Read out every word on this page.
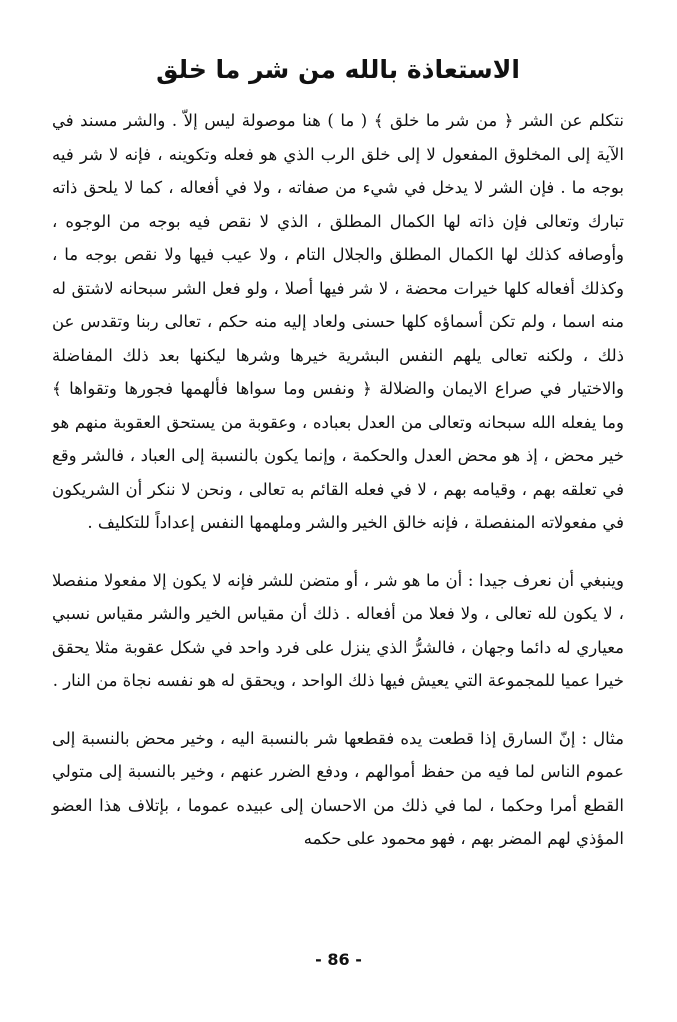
الاستعاذة بالله من شر ما خلق

نتكلم عن الشر ﴿ من شر ما خلق ﴾ ( ما ) هنا موصولة ليس إلاّ . والشر مسند في الآية إلى المخلوق المفعول لا إلى خلق الرب الذي هو فعله وتكوينه ، فإنه لا شر فيه بوجه ما . فإن الشر لا يدخل في شيء من صفاته ، ولا في أفعاله ، كما لا يلحق ذاته تبارك وتعالى فإن ذاته لها الكمال المطلق ، الذي لا نقص فيه بوجه من الوجوه ، وأوصافه كذلك لها الكمال المطلق والجلال التام ، ولا عيب فيها ولا نقص بوجه ما ، وكذلك أفعاله كلها خيرات محضة ، لا شر فيها أصلا ، ولو فعل الشر سبحانه لاشتق له منه اسما ، ولم تكن أسماؤه كلها حسنى ولعاد إليه منه حكم ، تعالى ربنا وتقدس عن ذلك ، ولكنه تعالى يلهم النفس البشرية خيرها وشرها ليكنها بعد ذلك المفاضلة والاختيار في صراع الايمان والضلالة ﴿ ونفس وما سواها فألهمها فجورها وتقواها ﴾ وما يفعله الله سبحانه وتعالى من العدل بعباده ، وعقوبة من يستحق العقوبة منهم هو خير محض ، إذ هو محض العدل والحكمة ، وإنما يكون بالنسبة إلى العباد ، فالشر وقع في تعلقه بهم ، وقيامه بهم ، لا في فعله القائم به تعالى ، ونحن لا ننكر أن الشريكون في مفعولاته المنفصلة ، فإنه خالق الخير والشر وملهمها النفس إعداداً للتكليف .

وينبغي أن نعرف جيدا : أن ما هو شر ، أو متضن للشر فإنه لا يكون إلا مفعولا منفصلا ، لا يكون لله تعالى ، ولا فعلا من أفعاله . ذلك أن مقياس الخير والشر مقياس نسبي معياري له دائما وجهان ، فالشرُّ الذي ينزل على فرد واحد في شكل عقوبة مثلا يحقق خيرا عميا للمجموعة التي يعيش فيها ذلك الواحد ، ويحقق له هو نفسه نجاة من النار .

مثال : إنّ السارق إذا قطعت يده فقطعها شر بالنسبة اليه ، وخير محض بالنسبة إلى عموم الناس لما فيه من حفظ أموالهم ، ودفع الضرر عنهم ، وخير بالنسبة إلى متولي القطع أمرا وحكما ، لما في ذلك من الاحسان إلى عبيده عموما ، بإتلاف هذا العضو المؤذي لهم المضر بهم ، فهو محمود على حكمه

- 86 -
